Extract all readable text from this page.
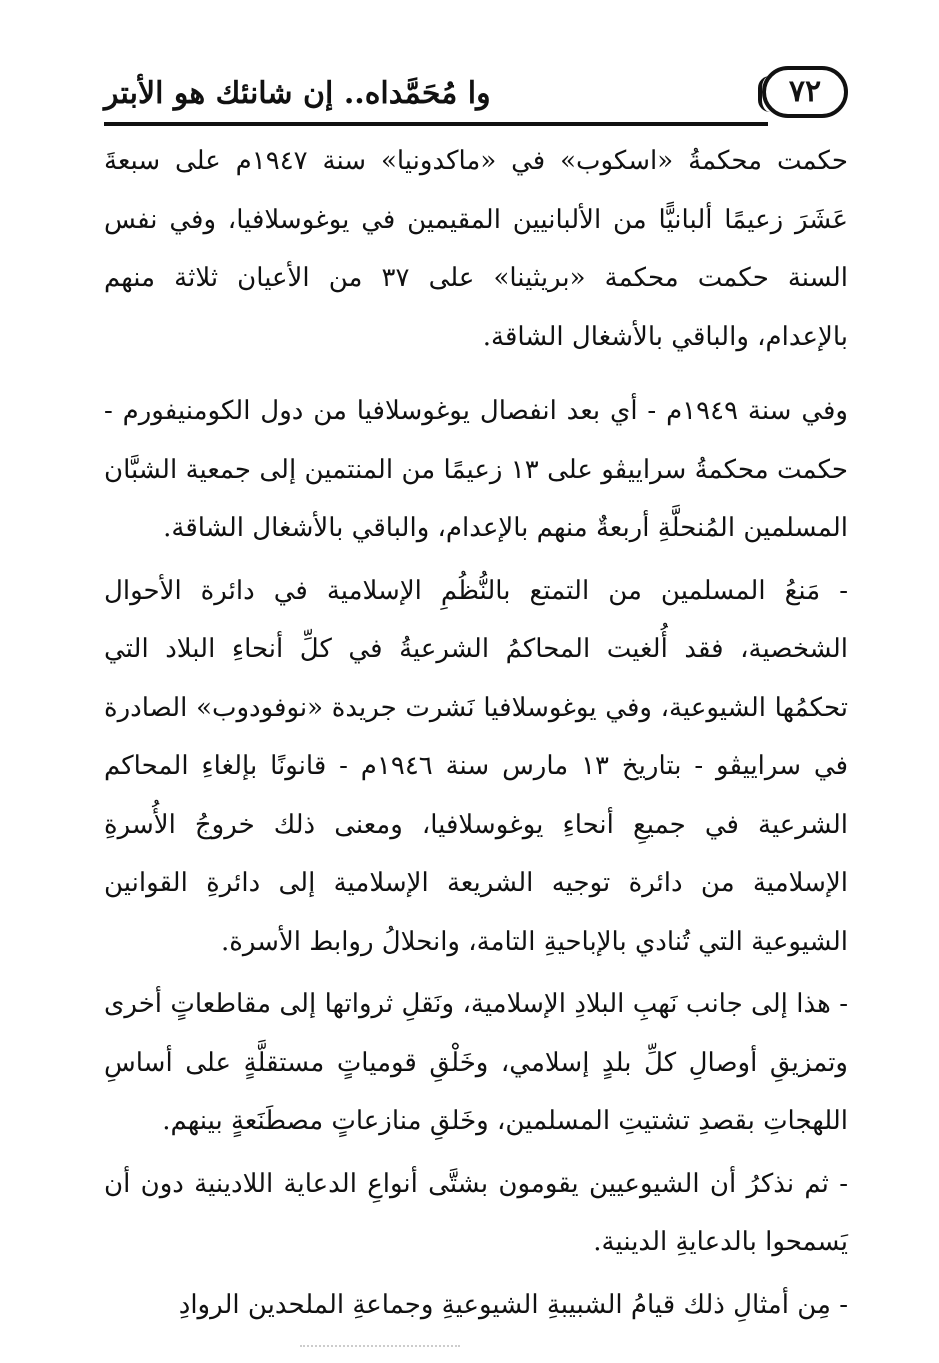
٧٢
وا مُحَمَّداه.. إن شانئك هو الأبتر

حكمت محكمةُ «اسكوب» في «ماكدونيا» سنة ١٩٤٧م على سبعةَ عَشَرَ زعيمًا ألبانيًّا من الألبانيين المقيمين في يوغوسلافيا، وفي نفس السنة حكمت محكمة «بريثينا» على ٣٧ من الأعيان ثلاثة منهم بالإعدام، والباقي بالأشغال الشاقة.

وفي سنة ١٩٤٩م - أي بعد انفصال يوغوسلافيا من دول الكومنيفورم - حكمت محكمةُ سراييڤو على ١٣ زعيمًا من المنتمين إلى جمعية الشبَّان المسلمين المُنحلَّةِ أربعةٌ منهم بالإعدام، والباقي بالأشغال الشاقة.

- مَنعُ المسلمين من التمتع بالنُّظُمِ الإسلامية في دائرة الأحوال الشخصية، فقد أُلغيت المحاكمُ الشرعيةُ في كلِّ أنحاءِ البلاد التي تحكمُها الشيوعية، وفي يوغوسلافيا نَشرت جريدة «نوفودوب» الصادرة في سراييڤو - بتاريخ ١٣ مارس سنة ١٩٤٦م - قانونًا بإلغاءِ المحاكم الشرعية في جميعِ أنحاءِ يوغوسلافيا، ومعنى ذلك خروجُ الأُسرةِ الإسلامية من دائرة توجيه الشريعة الإسلامية إلى دائرةِ القوانين الشيوعية التي تُنادي بالإباحيةِ التامة، وانحلالُ روابط الأسرة.

- هذا إلى جانب نَهبِ البلادِ الإسلامية، ونَقلِ ثرواتها إلى مقاطعاتٍ أخرى وتمزيقِ أوصالِ كلِّ بلدٍ إسلامي، وخَلْقِ قومياتٍ مستقلَّةٍ على أساسِ اللهجاتِ بقصدِ تشتيتِ المسلمين، وخَلقِ منازعاتٍ مصطَنَعةٍ بينهم.

- ثم نذكرُ أن الشيوعيين يقومون بشتَّى أنواعِ الدعاية اللادينية دون أن يَسمحوا بالدعايةِ الدينية.

- مِن أمثالِ ذلك قيامُ الشبيبةِ الشيوعيةِ وجماعةِ الملحدين الروادِ
